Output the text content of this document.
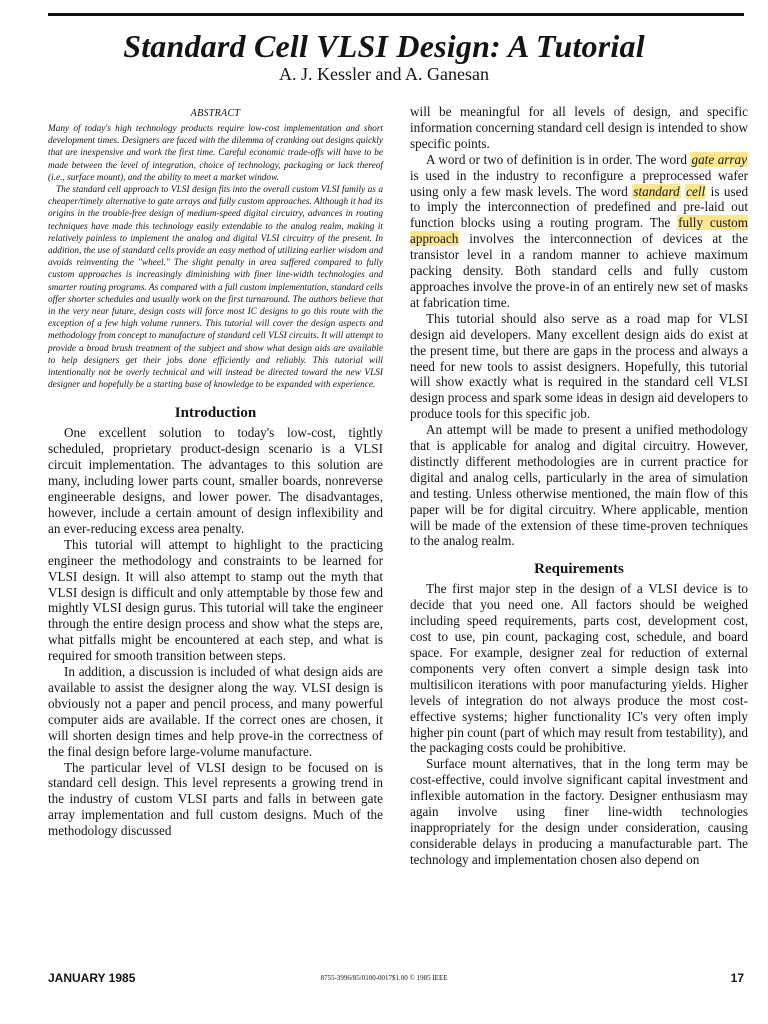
Standard Cell VLSI Design: A Tutorial
A. J. Kessler and A. Ganesan
ABSTRACT

Many of today's high technology products require low-cost implementation and short development times. Designers are faced with the dilemma of cranking out designs quickly that are inexpensive and work the first time. Careful economic trade-offs will have to be made between the level of integration, choice of technology, packaging or lack thereof (i.e., surface mount), and the ability to meet a market window.

The standard cell approach to VLSI design fits into the overall custom VLSI family as a cheaper/timely alternative to gate arrays and fully custom approaches. Although it had its origins in the trouble-free design of medium-speed digital circuitry, advances in routing techniques have made this technology easily extendable to the analog realm, making it relatively painless to implement the analog and digital VLSI circuitry of the present. In addition, the use of standard cells provide an easy method of utilizing earlier wisdom and avoids reinventing the "wheel." The slight penalty in area suffered compared to fully custom approaches is increasingly diminishing with finer line-width technologies and smarter routing programs. As compared with a full custom implementation, standard cells offer shorter schedules and usually work on the first turnaround. The authors believe that in the very near future, design costs will force most IC designs to go this route with the exception of a few high volume runners. This tutorial will cover the design aspects and methodology from concept to manufacture of standard cell VLSI circuits. It will attempt to provide a broad brush treatment of the subject and show what design aids are available to help designers get their jobs done efficiently and reliably. This tutorial will intentionally not be overly technical and will instead be directed toward the new VLSI designer and hopefully be a starting base of knowledge to be expanded with experience.

Introduction

One excellent solution to today's low-cost, tightly scheduled, proprietary product-design scenario is a VLSI circuit implementation. The advantages to this solution are many, including lower parts count, smaller boards, nonreverse engineerable designs, and lower power. The disadvantages, however, include a certain amount of design inflexibility and an ever-reducing excess area penalty.

This tutorial will attempt to highlight to the practicing engineer the methodology and constraints to be learned for VLSI design. It will also attempt to stamp out the myth that VLSI design is difficult and only attemptable by those few and mightly VLSI design gurus. This tutorial will take the engineer through the entire design process and show what the steps are, what pitfalls might be encountered at each step, and what is required for smooth transition between steps.

In addition, a discussion is included of what design aids are available to assist the designer along the way. VLSI design is obviously not a paper and pencil process, and many powerful computer aids are available. If the correct ones are chosen, it will shorten design times and help prove-in the correctness of the final design before large-volume manufacture.

The particular level of VLSI design to be focused on is standard cell design. This level represents a growing trend in the industry of custom VLSI parts and falls in between gate array implementation and full custom designs. Much of the methodology discussed

will be meaningful for all levels of design, and specific information concerning standard cell design is intended to show specific points.

A word or two of definition is in order. The word gate array is used in the industry to reconfigure a preprocessed wafer using only a few mask levels. The word standard cell is used to imply the interconnection of predefined and pre-laid out function blocks using a routing program. The fully custom approach involves the interconnection of devices at the transistor level in a random manner to achieve maximum packing density. Both standard cells and fully custom approaches involve the prove-in of an entirely new set of masks at fabrication time.

This tutorial should also serve as a road map for VLSI design aid developers. Many excellent design aids do exist at the present time, but there are gaps in the process and always a need for new tools to assist designers. Hopefully, this tutorial will show exactly what is required in the standard cell VLSI design process and spark some ideas in design aid developers to produce tools for this specific job.

An attempt will be made to present a unified methodology that is applicable for analog and digital circuitry. However, distinctly different methodologies are in current practice for digital and analog cells, particularly in the area of simulation and testing. Unless otherwise mentioned, the main flow of this paper will be for digital circuitry. Where applicable, mention will be made of the extension of these time-proven techniques to the analog realm.

Requirements

The first major step in the design of a VLSI device is to decide that you need one. All factors should be weighed including speed requirements, parts cost, development cost, cost to use, pin count, packaging cost, schedule, and board space. For example, designer zeal for reduction of external components very often convert a simple design task into multisilicon iterations with poor manufacturing yields. Higher levels of integration do not always produce the most cost-effective systems; higher functionality IC's very often imply higher pin count (part of which may result from testability), and the packaging costs could be prohibitive.

Surface mount alternatives, that in the long term may be cost-effective, could involve significant capital investment and inflexible automation in the factory. Designer enthusiasm may again involve using finer line-width technologies inappropriately for the design under consideration, causing considerable delays in producing a manufacturable part. The technology and implementation chosen also depend on

JANUARY 1985	8755-3996/85/0100-0017$1.00 © 1985 IEEE	17
